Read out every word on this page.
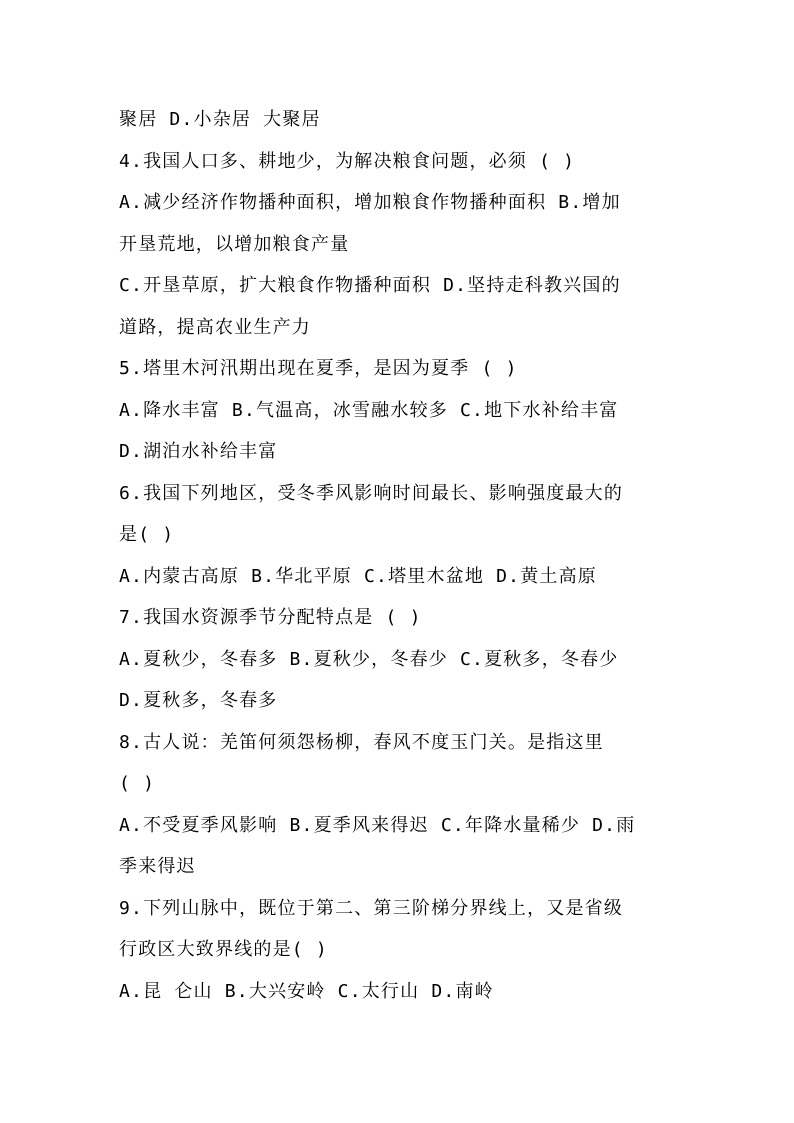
聚居 D.小杂居 大聚居
4.我国人口多、耕地少，为解决粮食问题，必须 ( )
A.减少经济作物播种面积，增加粮食作物播种面积 B.增加
开垦荒地，以增加粮食产量
C.开垦草原，扩大粮食作物播种面积 D.坚持走科教兴国的
道路，提高农业生产力
5.塔里木河汛期出现在夏季，是因为夏季 ( )
A.降水丰富 B.气温高，冰雪融水较多 C.地下水补给丰富
D.湖泊水补给丰富
6.我国下列地区，受冬季风影响时间最长、影响强度最大的
是( )
A.内蒙古高原 B.华北平原 C.塔里木盆地 D.黄土高原
7.我国水资源季节分配特点是 ( )
A.夏秋少，冬春多 B.夏秋少，冬春少 C.夏秋多，冬春少
D.夏秋多，冬春多
8.古人说：羌笛何须怨杨柳，春风不度玉门关。是指这里
( )
A.不受夏季风影响 B.夏季风来得迟 C.年降水量稀少 D.雨
季来得迟
9.下列山脉中，既位于第二、第三阶梯分界线上，又是省级
行政区大致界线的是( )
A.昆 仑山 B.大兴安岭 C.太行山 D.南岭
